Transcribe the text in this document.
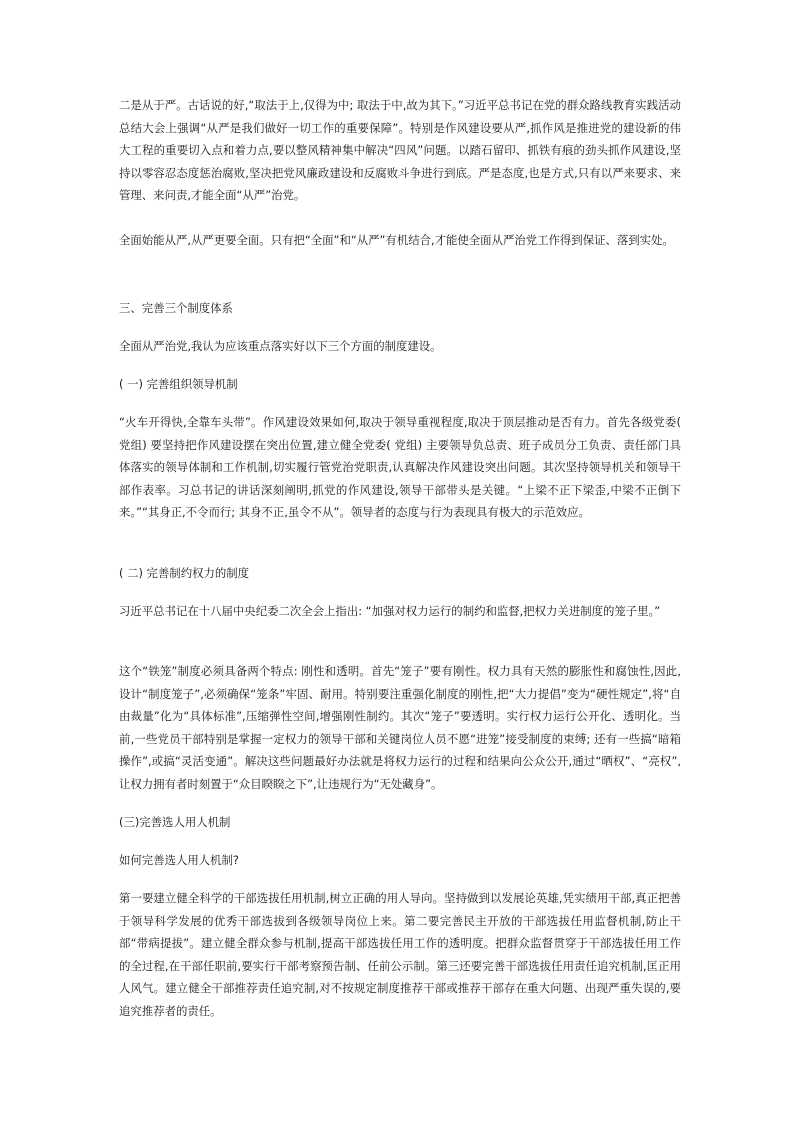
二是从于严。古话说的好,“取法于上,仅得为中; 取法于中,故为其下。”习近平总书记在党的群众路线教育实践活动总结大会上强调“从严是我们做好一切工作的重要保障”。特别是作风建设要从严,抓作风是推进党的建设新的伟大工程的重要切入点和着力点,要以整风精神集中解决“四风”问题。以踏石留印、抓铁有痕的劲头抓作风建设,坚持以零容忍态度惩治腐败,坚决把党风廉政建设和反腐败斗争进行到底。严是态度,也是方式,只有以严来要求、来管理、来问责,才能全面“从严”治党。

全面始能从严,从严更要全面。只有把“全面”和“从严”有机结合,才能使全面从严治党工作得到保证、落到实处。

三、完善三个制度体系

全面从严治党,我认为应该重点落实好以下三个方面的制度建设。

( 一) 完善组织领导机制

“火车开得快,全靠车头带”。作风建设效果如何,取决于领导重视程度,取决于顶层推动是否有力。首先各级党委( 党组) 要坚持把作风建设摆在突出位置,建立健全党委( 党组) 主要领导负总责、班子成员分工负责、责任部门具体落实的领导体制和工作机制,切实履行管党治党职责,认真解决作风建设突出问题。其次坚持领导机关和领导干部作表率。习总书记的讲话深刻阐明,抓党的作风建设,领导干部带头是关键。“上梁不正下梁歪,中梁不正倒下来。”“其身正,不令而行; 其身不正,虽令不从”。领导者的态度与行为表现具有极大的示范效应。

( 二) 完善制约权力的制度

习近平总书记在十八届中央纪委二次全会上指出: “加强对权力运行的制约和监督,把权力关进制度的笼子里。”

这个“铁笼”制度必须具备两个特点: 刚性和透明。首先“笼子”要有刚性。权力具有天然的膨胀性和腐蚀性,因此,设计“制度笼子”,必须确保“笼条”牢固、耐用。特别要注重强化制度的刚性,把“大力提倡”变为“硬性规定”,将“自由裁量”化为“具体标准”,压缩弹性空间,增强刚性制约。其次“笼子”要透明。实行权力运行公开化、透明化。当前,一些党员干部特别是掌握一定权力的领导干部和关键岗位人员不愿“进笼”接受制度的束缚; 还有一些搞“暗箱操作”,或搞“灵活变通”。解决这些问题最好办法就是将权力运行的过程和结果向公众公开,通过“晒权”、“亮权”,让权力拥有者时刻置于“众目睽睽之下”,让违规行为“无处藏身”。

(三)完善选人用人机制

如何完善选人用人机制?

第一要建立健全科学的干部选拔任用机制,树立正确的用人导向。坚持做到以发展论英雄,凭实绩用干部,真正把善于领导科学发展的优秀干部选拔到各级领导岗位上来。第二要完善民主开放的干部选拔任用监督机制,防止干部“带病提拔”。建立健全群众参与机制,提高干部选拔任用工作的透明度。把群众监督贯穿于干部选拔任用工作的全过程,在干部任职前,要实行干部考察预告制、任前公示制。第三还要完善干部选拔任用责任追究机制,匡正用人风气。建立健全干部推荐责任追究制,对不按规定制度推荐干部或推荐干部存在重大问题、出现严重失误的,要追究推荐者的责任。
